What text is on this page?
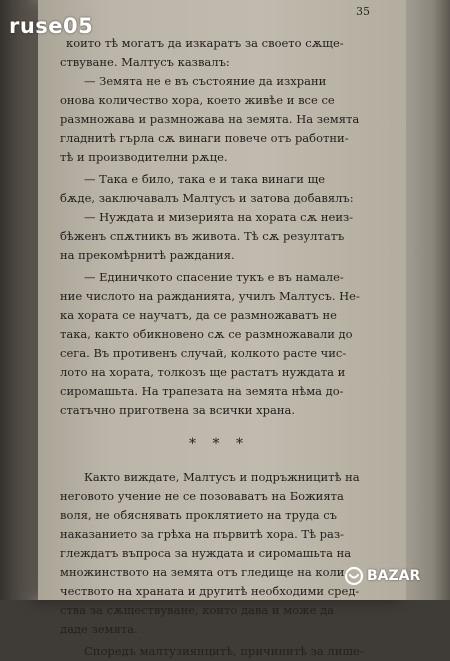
ruse05
35
които тѣ могатъ да изкаратъ за своето сѫще-
ствуване. Малтусъ казвалъ:
— Земята не е въ състояние да изхрани
онова количество хора, което живѣе и все се
размножава и размножава на земята. На земята
гладнитѣ гърла сѫ винаги повече отъ работни-
тѣ и производителни рѫце.
— Така е било, така е и така винаги ще
бѫде, заключавалъ Малтусъ и затова добавялъ:
— Нуждата и мизерията на хората сѫ неиз-
бѣженъ спѫтникъ въ живота. Тѣ сѫ резултатъ
на прекомѣрнитѣ раждания.
— Единичкото спасение тукъ е въ намале-
ние числото на ражданията, училъ Малтусъ. Не-
ка хората се научатъ, да се размножаватъ не
така, както обикновено сѫ се размножавали до
сега. Въ противенъ случай, колкото расте чис-
лото на хората, толкозъ ще растатъ нуждата и
сиромашьта. На трапезата на земята нѣма до-
статъчно приготвена за всички храна.
* * *
Както виждате, Малтусъ и подръжницитѣ на
неговото учение не се позоваватъ на Божията
воля, не обяснявать проклятието на труда съ
наказанието за грѣха на първитѣ хора. Тѣ раз-
глеждатъ въпроса за нуждата и сиромашьта на
множинството на земята отъ гледище на коли-
чеството на храната и другитѣ необходими сред-
ства за сѫществуване, които дава и може да
даде земята.
Споредъ малтузиянцитѣ, причинитѣ за лише-
BAZAR
